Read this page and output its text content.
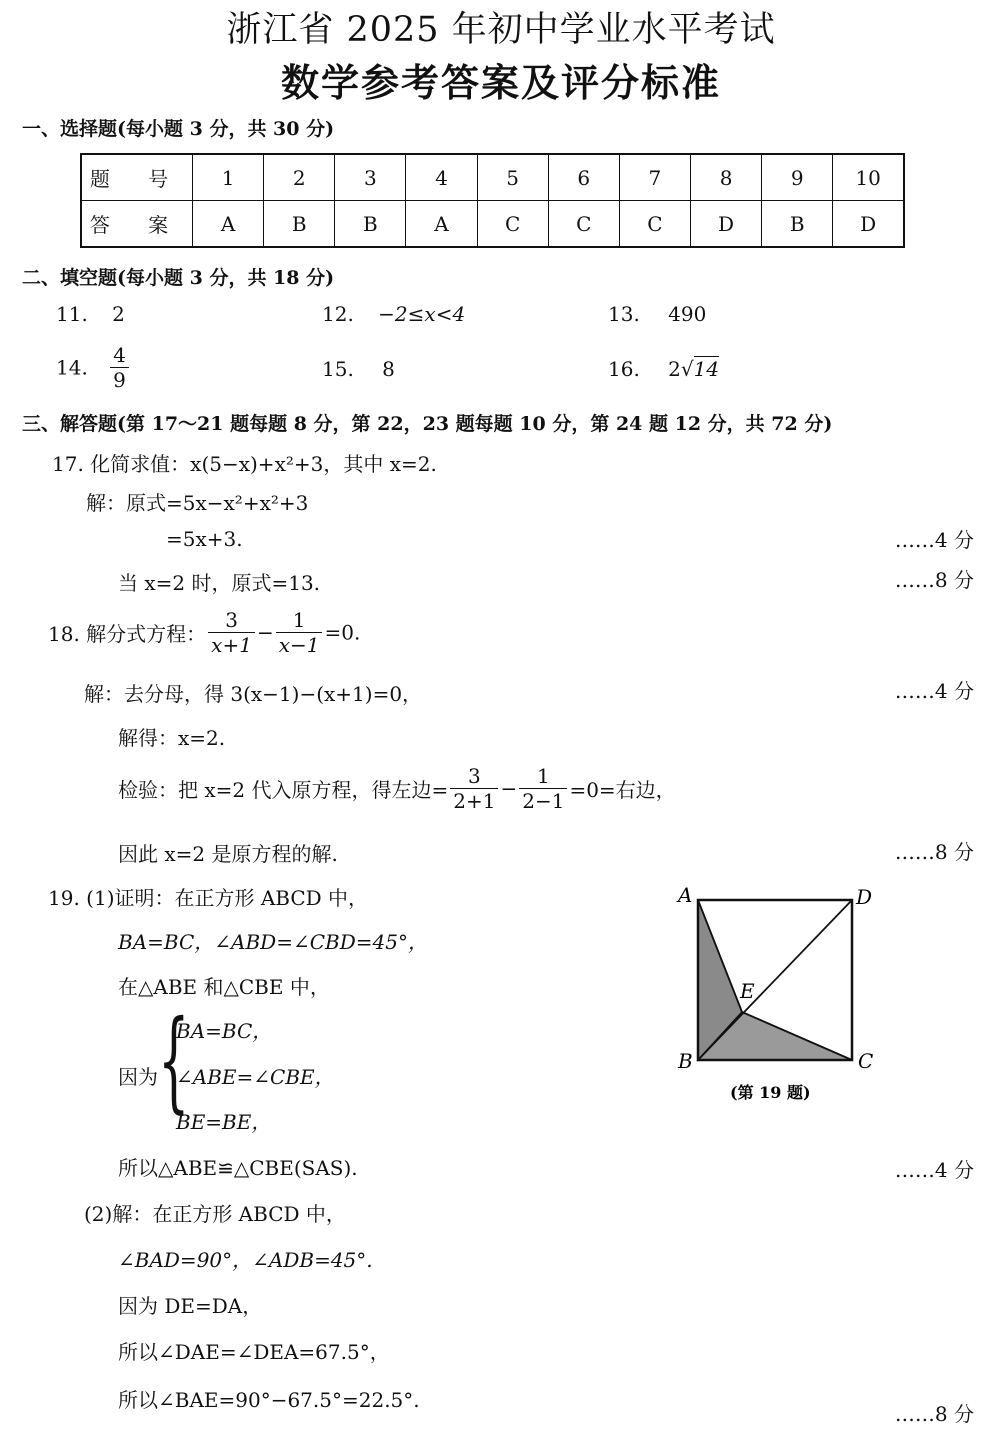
浙江省 2025 年初中学业水平考试
数学参考答案及评分标准
一、选择题(每小题 3 分，共 30 分)
题 号	1	2	3	4	5	6	7	8	9	10
答 案	A	B	B	A	C	C	C	D	B	D
二、填空题(每小题 3 分，共 18 分)
11. 2	12. −2≤x<4	13. 490
14. $\frac{4}{9}$	15. 8	16. 2√14
三、解答题(第 17～21 题每题 8 分，第 22，23 题每题 10 分，第 24 题 12 分，共 72 分)
17. 化简求值：x(5−x)+x²+3，其中 x=2.
解：原式=5x−x²+x²+3
=5x+3.	……4 分
当 x=2 时，原式=13.	……8 分
18. 解分式方程： $\frac{3}{x+1} - \frac{1}{x-1} =0$.
解：去分母，得 3(x−1)−(x+1)=0，	……4 分
解得：x=2.
检验：把 x=2 代入原方程，得左边= $\frac{3}{2+1} - \frac{1}{2-1} =0=$右边，
因此 x=2 是原方程的解.	……8 分
19. (1)证明：在正方形 ABCD 中，
BA=BC，∠ABD=∠CBD=45°，
在△ABE 和△CBE 中，
因为 {
BA=BC，
∠ABE=∠CBE，
BE=BE，
所以△ABE≌△CBE(SAS).	……4 分
(2)解：在正方形 ABCD 中，
∠BAD=90°，∠ADB=45°.
因为 DE=DA，
所以∠DAE=∠DEA=67.5°，
所以∠BAE=90°−67.5°=22.5°.
……8 分
A	D
E
B	C
(第 19 题)
